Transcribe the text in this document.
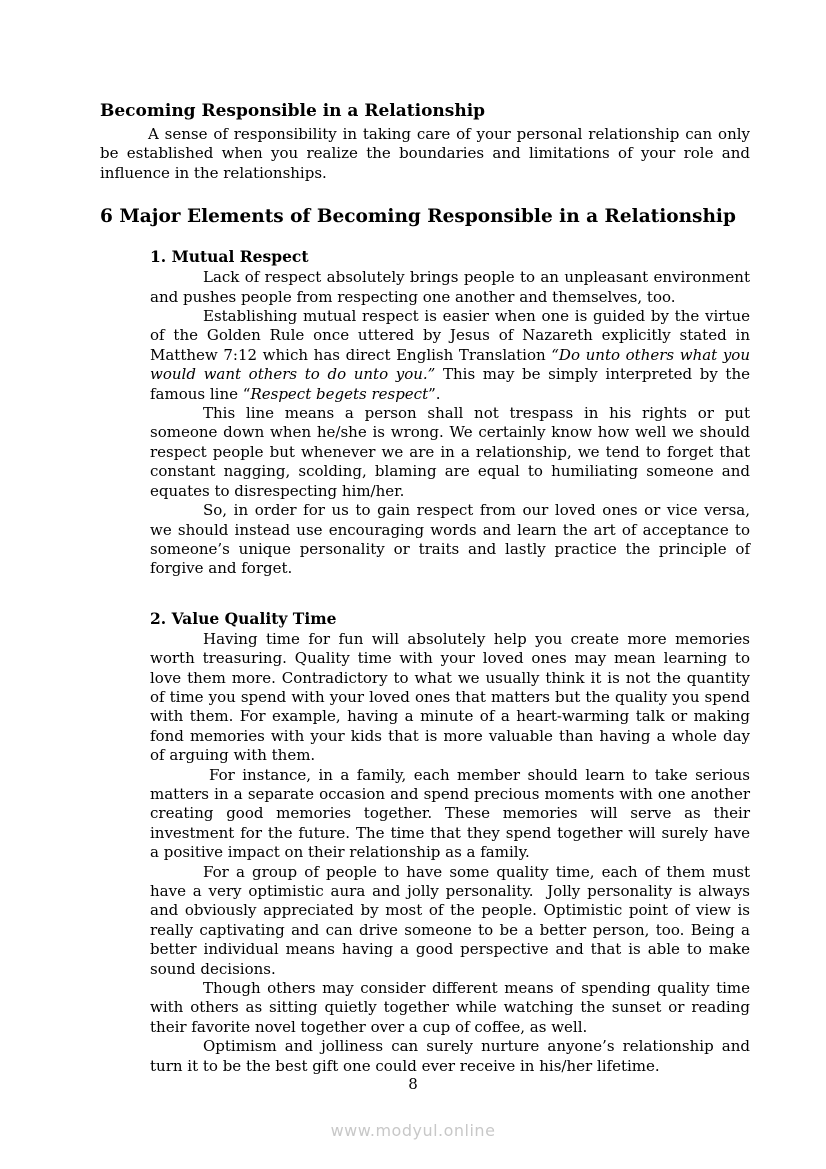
Becoming Responsible in a Relationship

A sense of responsibility in taking care of your personal relationship can only be established when you realize the boundaries and limitations of your role and influence in the relationships.

6 Major Elements of Becoming Responsible in a Relationship
1. Mutual Respect

Lack of respect absolutely brings people to an unpleasant environment and pushes people from respecting one another and themselves, too.

Establishing mutual respect is easier when one is guided by the virtue of the Golden Rule once uttered by Jesus of Nazareth explicitly stated in Matthew 7:12 which has direct English Translation “Do unto others what you would want others to do unto you.” This may be simply interpreted by the famous line “Respect begets respect”.

This line means a person shall not trespass in his rights or put someone down when he/she is wrong. We certainly know how well we should respect people but whenever we are in a relationship, we tend to forget that constant nagging, scolding, blaming are equal to humiliating someone and equates to disrespecting him/her.

So, in order for us to gain respect from our loved ones or vice versa, we should instead use encouraging words and learn the art of acceptance to someone’s unique personality or traits and lastly practice the principle of forgive and forget.

2. Value Quality Time

Having time for fun will absolutely help you create more memories worth treasuring. Quality time with your loved ones may mean learning to love them more. Contradictory to what we usually think it is not the quantity of time you spend with your loved ones that matters but the quality you spend with them. For example, having a minute of a heart-warming talk or making fond memories with your kids that is more valuable than having a whole day of arguing with them.

For instance, in a family, each member should learn to take serious matters in a separate occasion and spend precious moments with one another creating good memories together. These memories will serve as their investment for the future. The time that they spend together will surely have a positive impact on their relationship as a family.

For a group of people to have some quality time, each of them must have a very optimistic aura and jolly personality.  Jolly personality is always and obviously appreciated by most of the people. Optimistic point of view is really captivating and can drive someone to be a better person, too. Being a better individual means having a good perspective and that is able to make sound decisions.

Though others may consider different means of spending quality time with others as sitting quietly together while watching the sunset or reading their favorite novel together over a cup of coffee, as well.

Optimism and jolliness can surely nurture anyone’s relationship and turn it to be the best gift one could ever receive in his/her lifetime.

8
www.modyul.online
